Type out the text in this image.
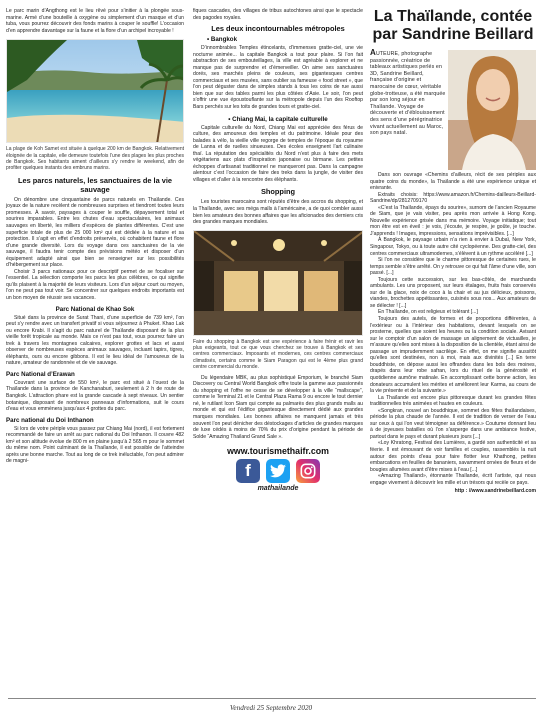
Le parc marin d’Angthong est le lieu rêvé pour s’initier à la plongée sous-marine. Armé d’une bouteille à oxygène ou simplement d’un masque et d’un tuba, vous pourrez découvrir des fonds marins à couper le souffle! L’occasion d’en apprendre davantage sur la faune et la flore d’un archipel incroyable !

La plage de Koh Samet est située à quelque 200 km de Bangkok. Relativement éloignée de la capitale, elle demeure toutefois l’une des plages les plus proches de Bangkok. Ses habitants aiment d’ailleurs s’y rendre le weekend, afin de profiter quelques instants des embruns marins.

Les parcs naturels, les sanctuaires de la vie sauvage

On dénombre une cinquantaine de parcs naturels en Thaïlande. Ces joyaux de la nature recèlent de nombreuses surprises et tiendront toutes leurs promesses. À savoir, paysages à couper le souffle, dépaysement total et sourires imparables. Entre les chutes d’eau spectaculaires, les animaux sauvages en liberté, les milliers d’espèces de plantes différentes. C’est une superficie totale de plus de 25 000 km² qui est dédiée à la nature et sa protection. Il s’agit en effet d’endroits préservés, où cohabitent faune et flore d’une grande diversité. Lors du voyage dans ces sanctuaires de la vie sauvage, il faudra tenir compte des prévisions météo et disposer d’un équipement adapté ainsi que bien se renseigner sur les possibilités d’hébergement sur place.

Choisir 3 parcs nationaux pour ce descriptif permet de se focaliser sur l’essentiel. La sélection comporte les parcs les plus célèbres, ce qui signifie qu’ils plaisent à la majorité de leurs visiteurs. Lors d’un séjour court ou moyen, l’on ne peut pas tout voir. Se concentrer sur quelques endroits importants est un bon moyen de réussir ses vacances.

Parc National de Khao Sok

Situé dans la province de Surat Thani, d’une superficie de 739 km², l’on peut s’y rendre avec un transfert privatif si vous séjournez à Phuket. Khao Lak ou encore Krabi. Il s’agit du parc naturel de Thaïlande disposant de la plus vieille forêt tropicale au monde. Mais ce n’est pas tout, vous pourrez faire un trek à travers les montagnes calcaires, explorer grottes et lacs et aussi observer de nombreuses espèces animaux sauvages, incluant tapirs, tigres, éléphants, ours ou encore gibbons. Il est le lieu idéal de l’amoureux de la nature, amateur de randonnée et de vie sauvage.

Parc National d’Erawan

Couvrant une surface de 550 km², le parc est situé à l’ouest de la Thaïlande dans la province de Kanchanaburi, seulement à 2 h de route de Bangkok. L’attraction phare est la grande cascade à sept niveaux. Un sentier botanique, disposant de nombreux panneaux d’informations, suit le cours d’eau et vous emmènera jusqu’aux 4 grottes du parc.

Parc national du Doi Inthanon

Si lors de votre périple vous passez par Chiang Mai (nord), il est fortement recommandé de faire un arrêt au parc national du Doi Inthanon. Il couvre 482 km² et son altitude évolue de 800 m en plaine jusqu’à 2 565 m pour le sommet du même nom. Point culminant de la Thaïlande, il est possible de l’atteindre après une bonne marche. Tout au long de ce trek inéluctable, l’on peut admirer de magni-

fiques cascades, des villages de tribus autochtones ainsi que le spectacle des pagodes royales.

Les deux incontournables métropoles
• Bangkok

D’innombrables Temples étincelants, d’immenses gratte-ciel, une vie nocturne animée... la capitale Bangkok a tout pour plaire. Si l’on fait abstraction de ses embouteillages, la ville est agréable à explorer et ne manque pas de surprendre et d’émerveiller. On aime ses sanctuaires dorés, ses marchés pleins de couleurs, ses gigantesques centres commerciaux et ses musées, sans oublier sa fameuse « food street », que l’on peut déguster dans de simples stands à tous les coins de rue aussi bien que sur des tables parmi les plus côtées d’Asie. Le soir, l’on peut s’offrir une vue époustouflante sur la métropole depuis l’un des Rooftop Bars perchés sur les toits de grandes tours et gratte-ciel.

• Chiang Mai, la capitale culturelle

Capitale culturelle du Nord, Chiang Mai est appréciée des férus de culture, des amoureux des temples et du patrimoine. Idéale pour des balades à vélo, la vieille ville regorge de temples de l’époque du royaume de Lanna et de ruelles sinueuses. Des écoles enseignent l’art culinaire thaï. La réputation des spécialités du Nord n’est plus à faire des mets végétariens aux plats d’inspiration japonaise ou birmane. Les petites échoppes d’artisanat traditionnel ne manqueront pas. Dans la campagne alentour c’est l’occasion de faire des treks dans la jungle, de visiter des villages et d’aller à la rencontre des éléphants.

Shopping

Les touristes marocains sont réputés d’être des accros du shopping, et la Thaïlande, avec ses méga malls à l’américaine, a de quoi combler aussi bien les amateurs des bonnes affaires que les aficionados des derniers cris des grandes marques mondiales.

Faire du shopping à Bangkok est une expérience à faire frénir et ravir les plus exigeants, tout ce que vous cherchez se trouve à Bangkok et ses centres commerciaux. Imposants et modernes, ces centres commerciaux climatisés, certains comme le Siam Paragon qui est le 4ème plus grand centre commercial du monde.

Du légendaire MBK, au plus sophistiqué Emporium, le branché Siam Discovery ou Central World Bangkok offre toute la gamme aux passionnés du shopping et l’offre ne cesse de se développer à la ville “mallscape”, comme le Terminal 21 et le Central Plaza Rama 9 ou encore le tout dernier né, le rutilant Icon Siam qui compte au palmarès des plus grands malls au monde et qui est l’édifice gigantesque directement dédié aux grandes marques mondiales. Les bonnes affaires ne manquent jamais et très souvent l’on peut dénicher des déstockages d’articles de grandes marques de luxe cédés à moins de 70% du prix d’origine pendant la période de Solde “Amazing Thailand Grand Sale ».

www.tourismethaifr.com
f
mathailande
La Thaïlande, contée par Sandrine Beillard

AUTEURE, photographe passionnée, créatrice de tableaux artistiques perlés en 3D, Sandrine Beillard, française d’origine et marocaine de cœur, véritable globe-trotteuse, a été marquée par son long séjour en Thaïlande. Voyage de découverte et d’éblouissement des sens d’une pérégrinatrice vivant actuellement au Maroc, son pays natal.

Dans son ouvrage «Chemins d’ailleurs, récit de ses périples aux quatre coins du monde», la Thaïlande a été une expérience unique et enivrante.

Extraits choisis: https://www.amazon.fr/Chemins-dailleurs-Beillard-Sandrine/dp/2812709170

«C’est la Thaïlande, épays du sourire», surnom de l’ancien Royaume de Siam, que je vais visiter, peu après mon arrivée à Hong Kong. Nouvelle expérience grisée dans ma mémoire. Voyage initiatique; tout mon être est en éveil : je vois, j’écoute, je respire, je goûte, je touche. J’apprends ! Images, impressions, sensations imprévisibles. [...]

À Bangkok, le paysage urbain n’a rien à envier à Dubaï, New York, Singapour, Tokyo, ou à toute autre cité cyclopéenne. Des gratte-ciel, des centres commerciaux ultramodernes, s’élèvent à un rythme accéléré [...]

Si l’on ne considère que le charme pittoresque de certaines rues, le temps semble s’être arrêté. On y retrouve ce qui fait l’âme d’une ville, son passé. [...]

Toujours cette succession, sur les bas-côtés, de marchands ambulants. Les uns proposent, sur leurs étalages, fruits frais conservés sur de la glace, noix de coco à la chair et au jus délicieux, poissons, viandes, brochettes appétissantes, cuisinés sous nos... Aux amateurs de se délecter ! [...]

En Thaïlande, on est religieux et tolérant [...]

Toujours des autels, de formes et de proportions différentes, à l’extérieur ou à l’intérieur des habitations, devant lesquels on se prosterne, quelles que soient les heures ou la condition sociale. Avisant sur le comptoir d’un salon de massage un alignement de victuailles, je m’assure qu’elles sont mises à la disposition de la clientèle, étant ainsi de passage un imprudemment sacrilège. En effet, on me signifie aussitôt qu’elles sont destinées, non à moi, mais aux divinités [...] En terre bouddhiste, on dépose aussi les offrandes dans les bols des moines, drapés dans leur robe safran, lors du rituel de la générosité et quotidienne aumône matinale. En accomplissant cette bonne action, les donateurs accumulent les mérites et améliorent leur Karma, au cours de la vie présente et de la suivante.»

La Thaïlande est encore plus pittoresque durant les grandes fêtes traditionnelles très animées et hautes en couleurs.

«Songkran, nouvel an bouddhique, sommet des fêtes thaïlandaises, période la plus chaude de l’année. Il est de tradition de verser de l’eau sur ceux à qui l’on veut témoigner sa déférence.» Coutume donnant lieu à de joyeuses batailles où l’on s’asperge dans une ambiance festive, partout dans le pays et durant plusieurs jours [...]

«Loy Khratong, Festival des Lumières, a gardé son authenticité et sa féerie. Il est émouvant de voir familles et couples, rassemblés la nuit autour des points d’eau pour faire flotter leur Khathong, petites embarcations en feuilles de bananiers, savamment ornées de fleurs et de bougies allumées avant d’être mises à l’eau [...]

«Amazing Thailand», étonnante Thaïlande, écrit l’artiste, qui nous engage vivement à découvrir les mille et un trésors qui recèle ce pays.

http : //www.sandrinebeillard.com

Vendredi 25 Septembre 2020
